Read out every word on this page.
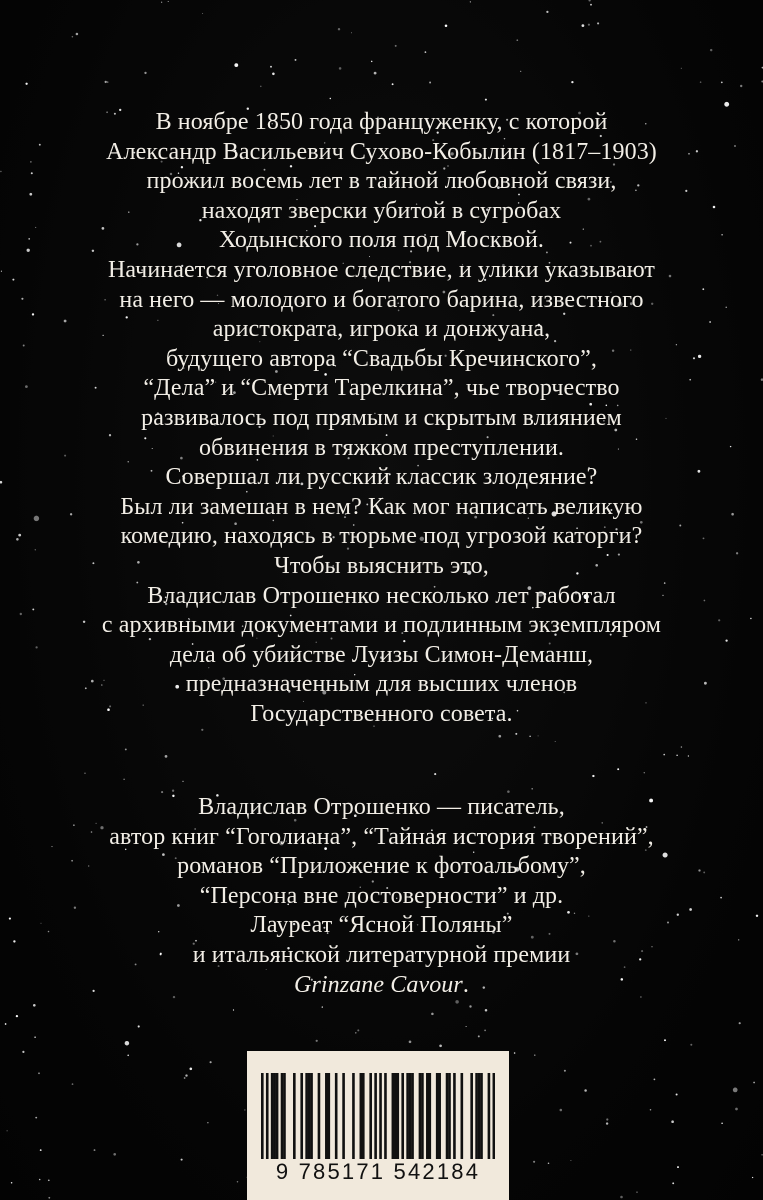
В ноябре 1850 года француженку, с которой
Александр Васильевич Сухово-Кобылин (1817–1903)
прожил восемь лет в тайной любовной связи,
находят зверски убитой в сугробах
Ходынского поля под Москвой.
Начинается уголовное следствие, и улики указывают
на него — молодого и богатого барина, известного
аристократа, игрока и донжуана,
будущего автора “Свадьбы Кречинского”,
“Дела” и “Смерти Тарелкина”, чье творчество
развивалось под прямым и скрытым влиянием
обвинения в тяжком преступлении.
Совершал ли русский классик злодеяние?
Был ли замешан в нем? Как мог написать великую
комедию, находясь в тюрьме под угрозой каторги?
Чтобы выяснить это,
Владислав Отрошенко несколько лет работал
с архивными документами и подлинным экземпляром
дела об убийстве Луизы Симон-Деманш,
предназначенным для высших членов
Государственного совета.
Владислав Отрошенко — писатель,
автор книг “Гоголиана”, “Тайная история творений”,
романов “Приложение к фотоальбому”,
“Персона вне достоверности” и др.
Лауреат “Ясной Поляны”
и итальянской литературной премии
Grinzane Cavour.
9 785171 542184
